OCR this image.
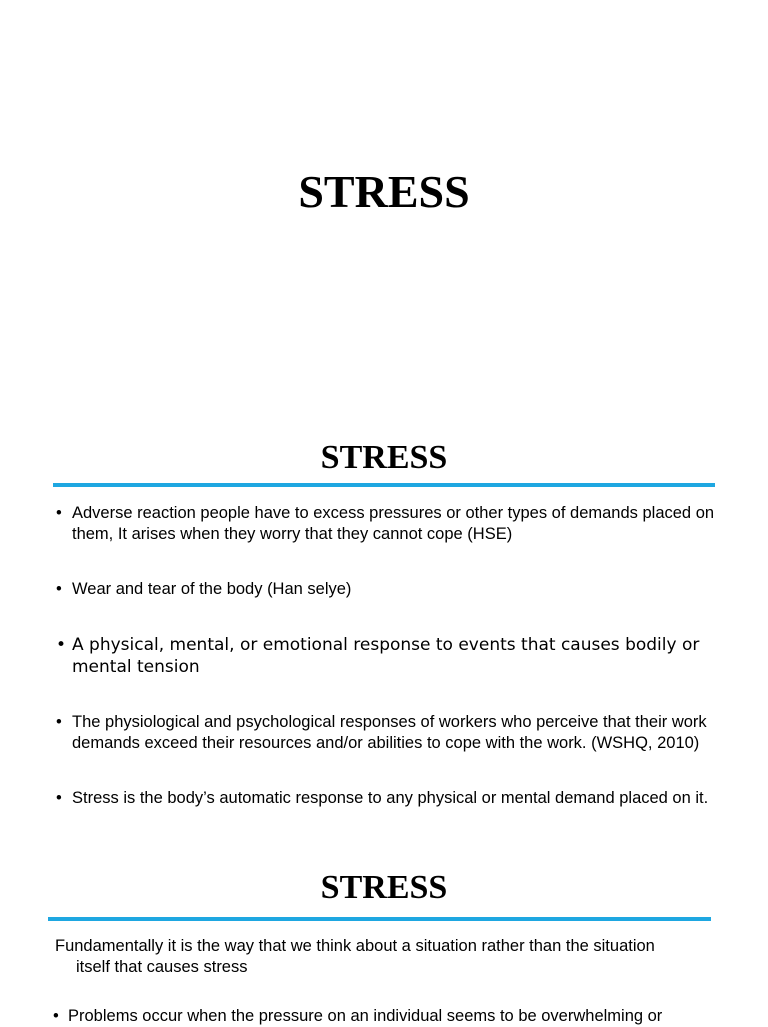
STRESS
STRESS
• Adverse reaction people have to excess pressures or other types of demands placed on them, It arises when they worry that they cannot cope (HSE)
• Wear and tear of the body (Han selye)
• A physical, mental, or emotional response to events that causes bodily or mental tension
• The physiological and psychological responses of workers who perceive that their work demands exceed their resources and/or abilities to cope with the work. (WSHQ, 2010)
• Stress is the body’s automatic response to any physical or mental demand placed on it.
STRESS

Fundamentally it is the way that we think about a situation rather than the situation
itself that causes stress

• Problems occur when the pressure on an individual seems to be overwhelming or
